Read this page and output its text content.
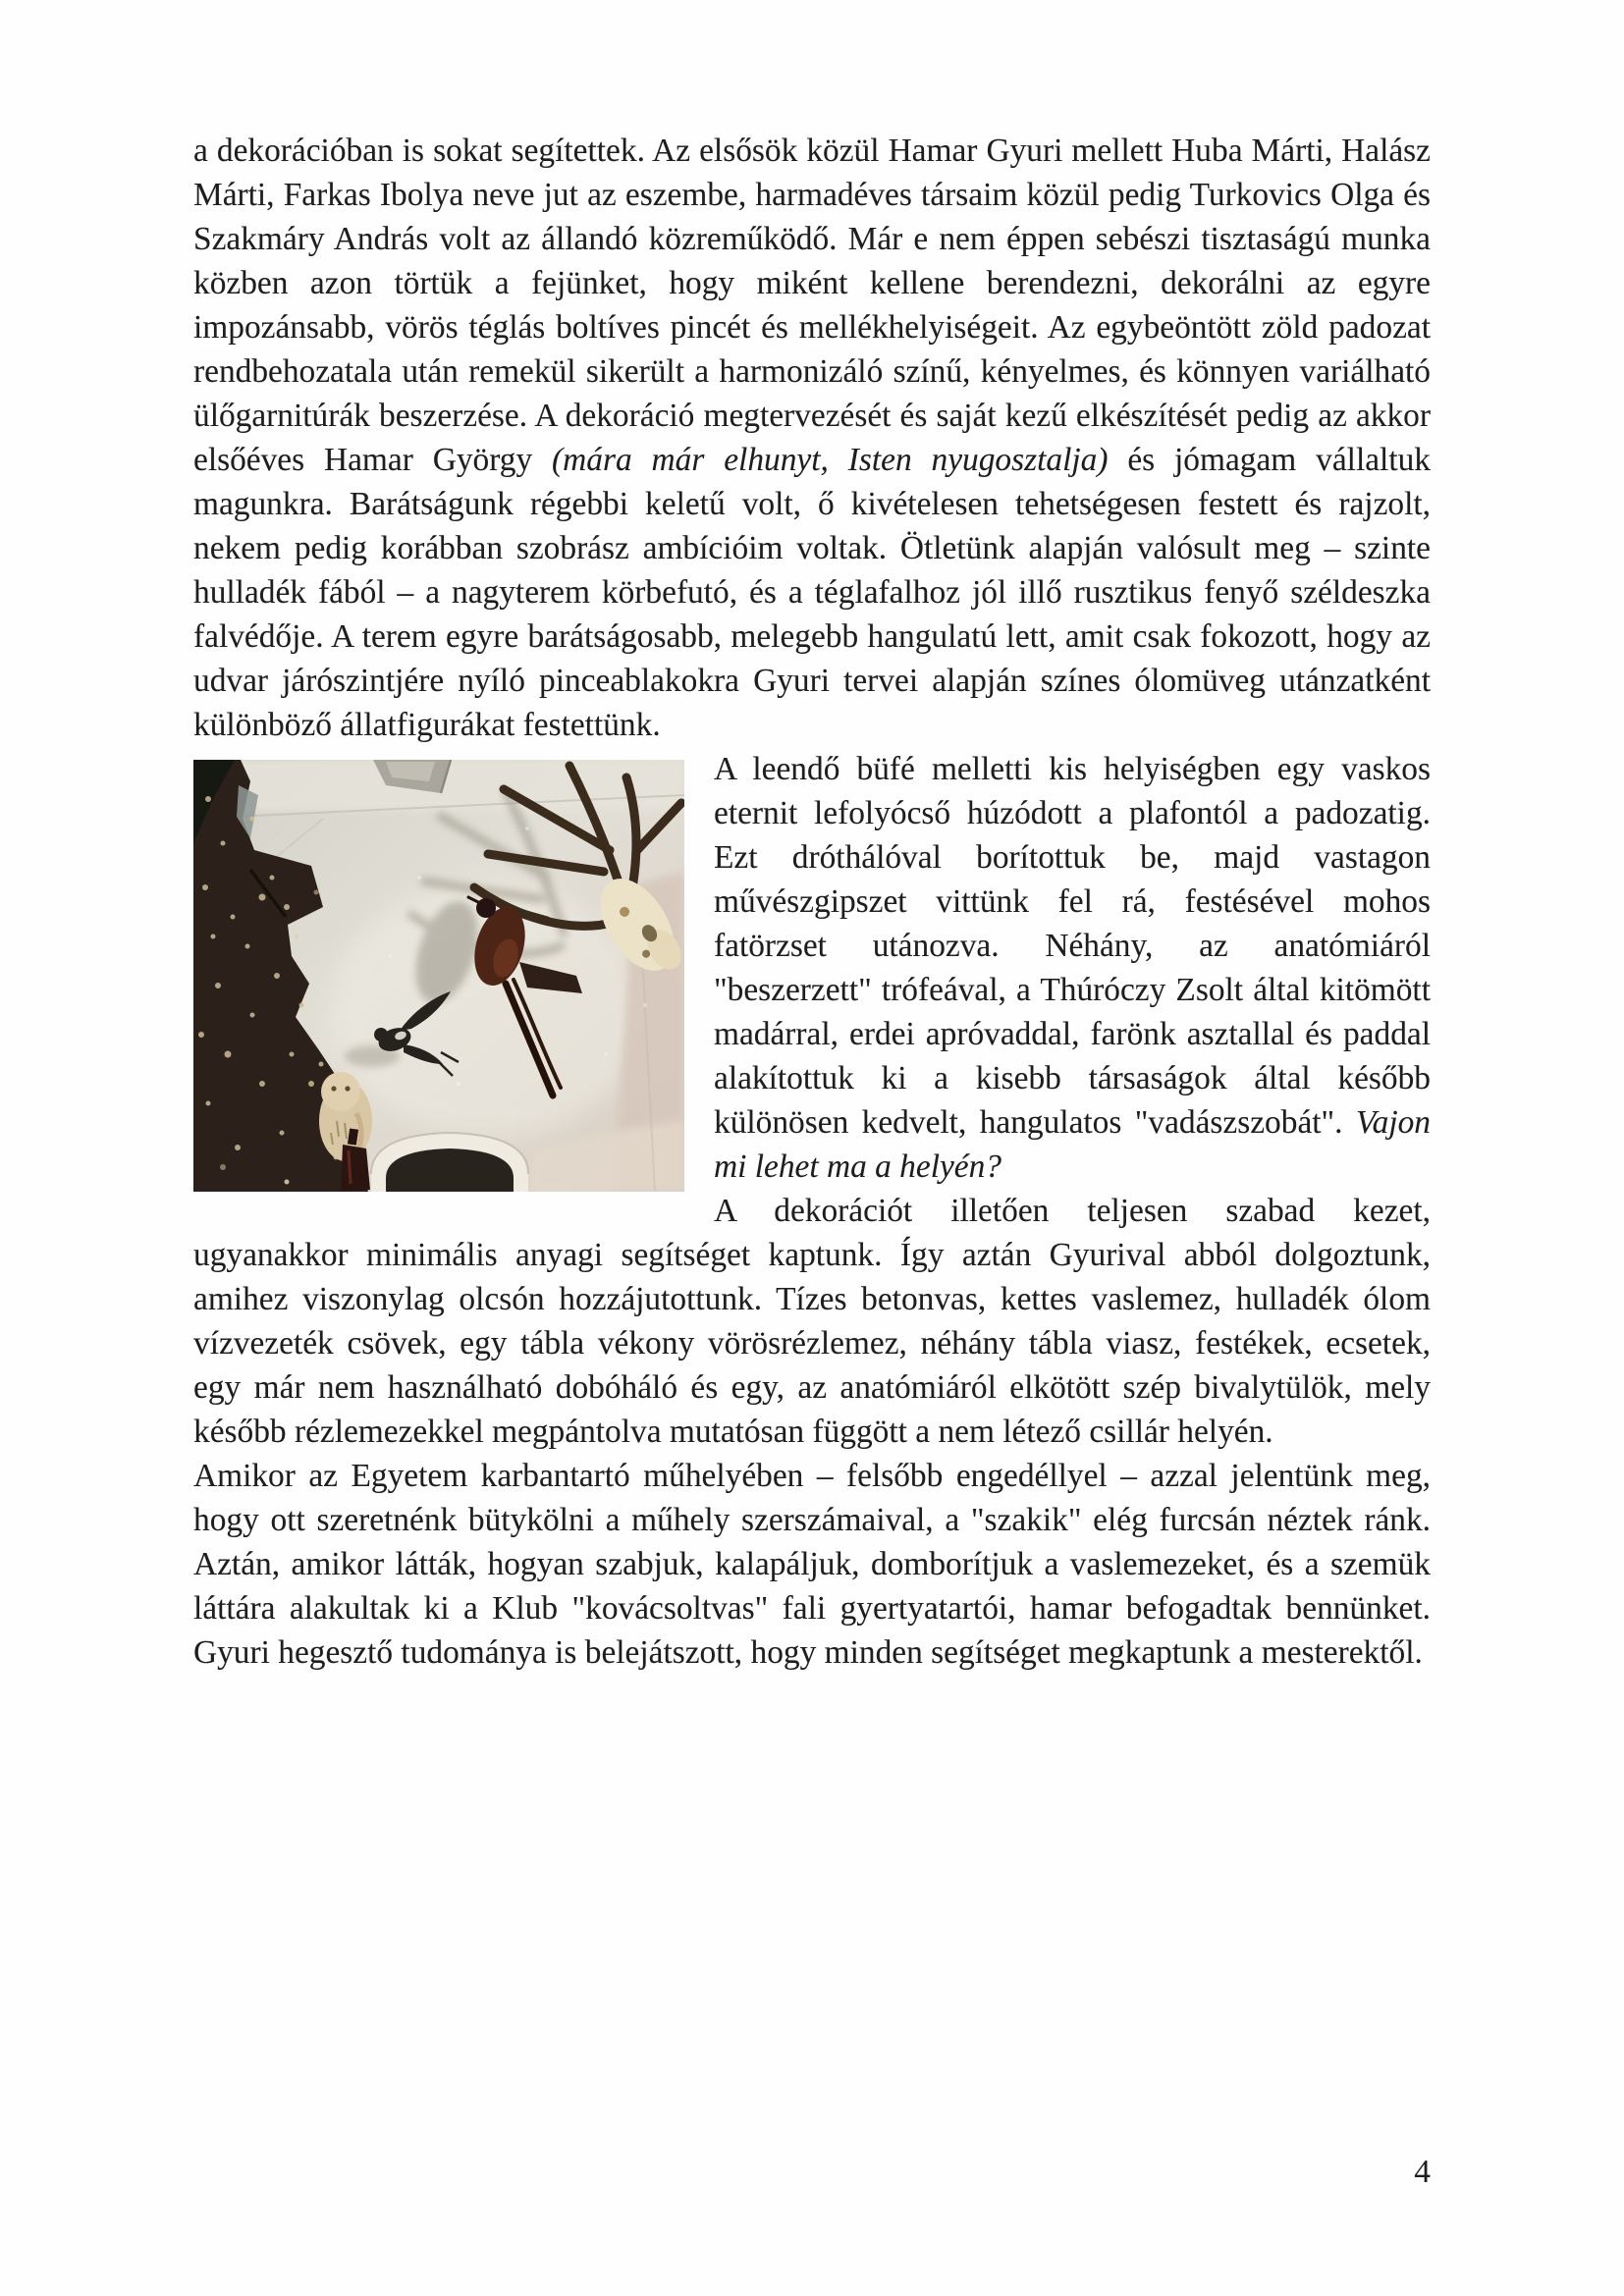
a dekorációban is sokat segítettek. Az elsősök közül Hamar Gyuri mellett Huba Márti, Halász Márti, Farkas Ibolya neve jut az eszembe, harmadéves társaim közül pedig Turkovics Olga és Szakmáry András volt az állandó közreműködő. Már e nem éppen sebészi tisztaságú munka közben azon törtük a fejünket, hogy miként kellene berendezni, dekorálni az egyre impozánsabb, vörös téglás boltíves pincét és mellékhelyiségeit. Az egybeöntött zöld padozat rendbehozatala után remekül sikerült a harmonizáló színű, kényelmes, és könnyen variálható ülőgarnitúrák beszerzése. A dekoráció megtervezését és saját kezű elkészítését pedig az akkor elsőéves Hamar György (mára már elhunyt, Isten nyugosztalja) és jómagam vállaltuk magunkra. Barátságunk régebbi keletű volt, ő kivételesen tehetségesen festett és rajzolt, nekem pedig korábban szobrász ambícióim voltak. Ötletünk alapján valósult meg – szinte hulladék fából – a nagyterem körbefutó, és a téglafalhoz jól illő rusztikus fenyő széldeszka falvédője. A terem egyre barátságosabb, melegebb hangulatú lett, amit csak fokozott, hogy az udvar járószintjére nyíló pinceablakokra Gyuri tervei alapján színes ólomüveg utánzatként különböző állatfigurákat festettünk.

A leendő büfé melletti kis helyiségben egy vaskos eternit lefolyócső húzódott a plafontól a padozatig. Ezt dróthálóval borítottuk be, majd vastagon művészgipszet vittünk fel rá, festésével mohos fatörzset utánozva. Néhány, az anatómiáról "beszerzett" trófeával, a Thúróczy Zsolt által kitömött madárral, erdei apróvaddal, farönk asztallal és paddal alakítottuk ki a kisebb társaságok által később különösen kedvelt, hangulatos "vadászszobát". Vajon mi lehet ma a helyén?

A dekorációt illetően teljesen szabad kezet, ugyanakkor minimális anyagi segítséget kaptunk. Így aztán Gyurival abból dolgoztunk, amihez viszonylag olcsón hozzájutottunk. Tízes betonvas, kettes vaslemez, hulladék ólom vízvezeték csövek, egy tábla vékony vörösrézlemez, néhány tábla viasz, festékek, ecsetek, egy már nem használható dobóháló és egy, az anatómiáról elkötött szép bivalytülök, mely később rézlemezekkel megpántolva mutatósan függött a nem létező csillár helyén.

Amikor az Egyetem karbantartó műhelyében – felsőbb engedéllyel – azzal jelentünk meg, hogy ott szeretnénk bütykölni a műhely szerszámaival, a "szakik" elég furcsán néztek ránk. Aztán, amikor látták, hogyan szabjuk, kalapáljuk, domborítjuk a vaslemezeket, és a szemük láttára alakultak ki a Klub "kovácsoltvas" fali gyertyatartói, hamar befogadtak bennünket. Gyuri hegesztő tudománya is belejátszott, hogy minden segítséget megkaptunk a mesterektől.

4
